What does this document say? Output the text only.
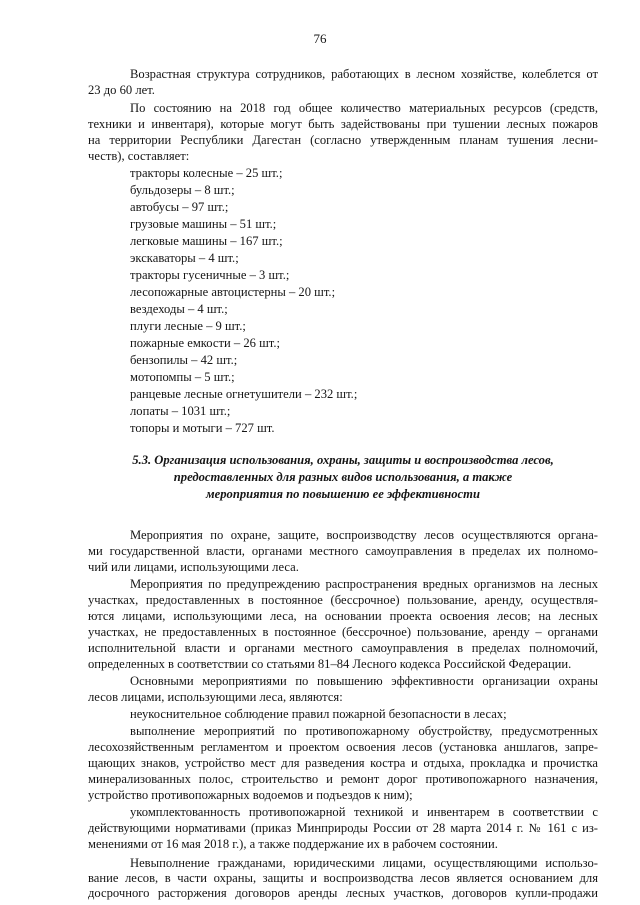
76
Возрастная структура сотрудников, работающих в лесном хозяйстве, колеблется от
23 до 60 лет.
По состоянию на 2018 год общее количество материальных ресурсов (средств,
техники и инвентаря), которые могут быть задействованы при тушении лесных пожаров
на территории Республики Дагестан (согласно утвержденным планам тушения лесни-
честв), составляет:
тракторы колесные – 25 шт.;
бульдозеры – 8 шт.;
автобусы – 97 шт.;
грузовые машины – 51 шт.;
легковые машины – 167 шт.;
экскаваторы – 4 шт.;
тракторы гусеничные – 3 шт.;
лесопожарные автоцистерны – 20 шт.;
вездеходы – 4 шт.;
плуги лесные – 9 шт.;
пожарные емкости – 26 шт.;
бензопилы – 42 шт.;
мотопомпы – 5 шт.;
ранцевые лесные огнетушители – 232 шт.;
лопаты – 1031 шт.;
топоры и мотыги – 727 шт.
5.3. Организация использования, охраны, защиты и воспроизводства лесов,
предоставленных для разных видов использования, а также
мероприятия по повышению ее эффективности
Мероприятия по охране, защите, воспроизводству лесов осуществляются органа-
ми государственной власти, органами местного самоуправления в пределах их полномо-
чий или лицами, использующими леса.
Мероприятия по предупреждению распространения вредных организмов на лесных
участках, предоставленных в постоянное (бессрочное) пользование, аренду, осуществля-
ются лицами, использующими леса, на основании проекта освоения лесов; на лесных
участках, не предоставленных в постоянное (бессрочное) пользование, аренду – органами
исполнительной власти и органами местного самоуправления в пределах полномочий,
определенных в соответствии со статьями 81–84 Лесного кодекса Российской Федерации.
Основными мероприятиями по повышению эффективности организации охраны
лесов лицами, использующими леса, являются:
неукоснительное соблюдение правил пожарной безопасности в лесах;
выполнение мероприятий по противопожарному обустройству, предусмотренных
лесохозяйственным регламентом и проектом освоения лесов (установка аншлагов, запре-
щающих знаков, устройство мест для разведения костра и отдыха, прокладка и прочистка
минерализованных полос, строительство и ремонт дорог противопожарного назначения,
устройство противопожарных водоемов и подъездов к ним);
укомплектованность противопожарной техникой и инвентарем в соответствии с
действующими нормативами (приказ Минприроды России от 28 марта 2014 г. № 161 с из-
менениями от 16 мая 2018 г.), а также поддержание их в рабочем состоянии.
Невыполнение гражданами, юридическими лицами, осуществляющими использо-
вание лесов, в части охраны, защиты и воспроизводства лесов является основанием для
досрочного расторжения договоров аренды лесных участков, договоров купли-продажи
